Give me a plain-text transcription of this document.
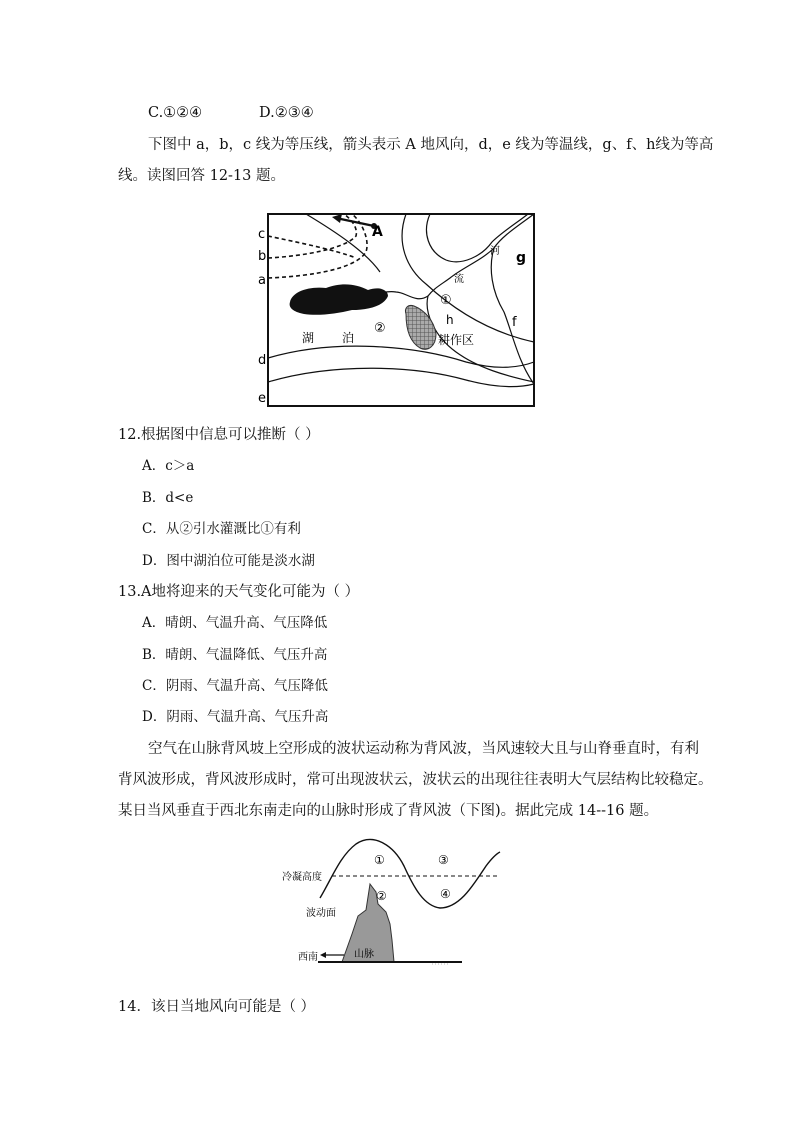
C.①②④	D.②③④
下图中 a，b，c 线为等压线，箭头表示 A 地风向，d，e 线为等温线，g、f、h线为等高
线。读图回答 12-13 题。
c
b
a
d
e
A
g
f
h
河
流
湖 泊	耕作区
①
②
12.根据图中信息可以推断（ ）
A．c＞a
B．d<e
C．从②引水灌溉比①有利
D．图中湖泊位可能是淡水湖
13.A地将迎来的天气变化可能为（ ）
A．晴朗、气温升高、气压降低
B．晴朗、气温降低、气压升高
C．阴雨、气温升高、气压降低
D．阴雨、气温升高、气压升高
空气在山脉背风坡上空形成的波状运动称为背风波，当风速较大且与山脊垂直时，有利
背风波形成，背风波形成时，常可出现波状云，波状云的出现往往表明大气层结构比较稳定。
某日当风垂直于西北东南走向的山脉时形成了背风波（下图)。据此完成 14--16 题。
冷凝高度
波动面
山脉
西南
①
②
③
④
14．该日当地风向可能是（ ）
